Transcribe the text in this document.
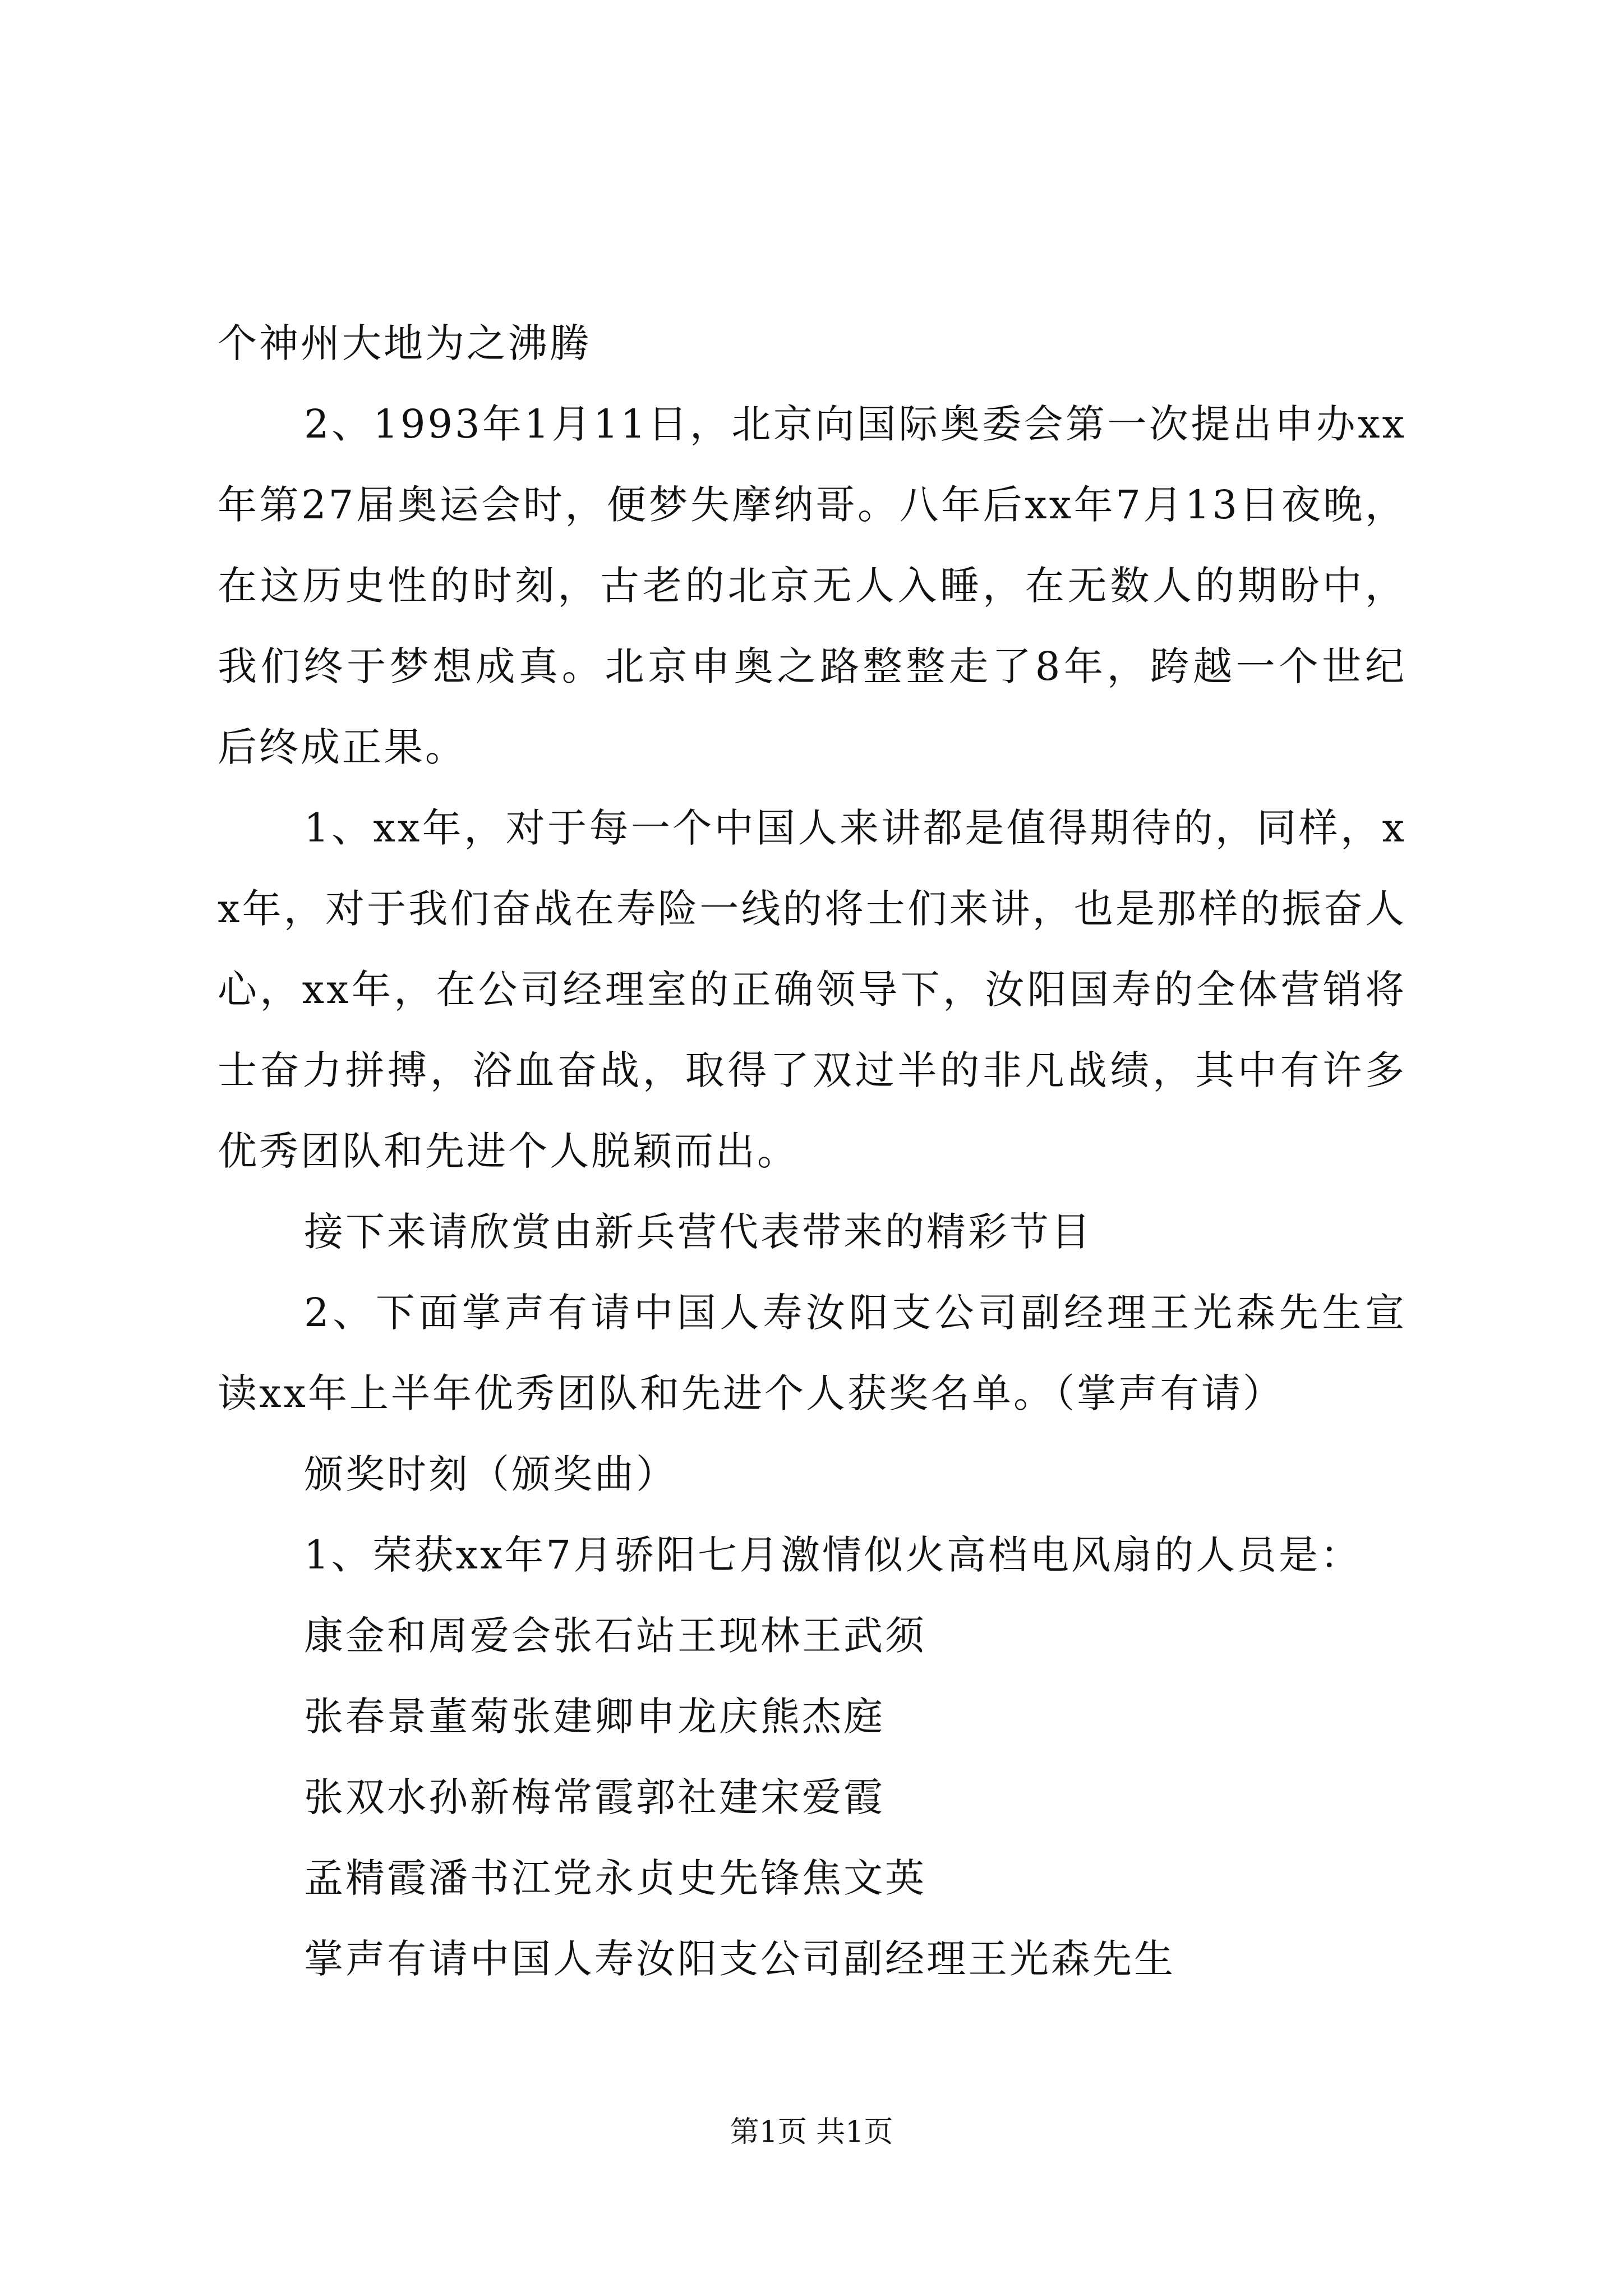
个神州大地为之沸腾

2、1993年1月11日，北京向国际奥委会第一次提出申办xx年第27届奥运会时，便梦失摩纳哥。八年后xx年7月13日夜晚，在这历史性的时刻，古老的北京无人入睡，在无数人的期盼中，我们终于梦想成真。北京申奥之路整整走了8年，跨越一个世纪后终成正果。

1、xx年，对于每一个中国人来讲都是值得期待的，同样，xx年，对于我们奋战在寿险一线的将士们来讲，也是那样的振奋人心，xx年，在公司经理室的正确领导下，汝阳国寿的全体营销将士奋力拼搏，浴血奋战，取得了双过半的非凡战绩，其中有许多优秀团队和先进个人脱颖而出。

接下来请欣赏由新兵营代表带来的精彩节目

2、下面掌声有请中国人寿汝阳支公司副经理王光森先生宣读xx年上半年优秀团队和先进个人获奖名单。（掌声有请）

颁奖时刻（颁奖曲）

1、荣获xx年7月骄阳七月激情似火高档电风扇的人员是：

康金和周爱会张石站王现林王武须

张春景董菊张建卿申龙庆熊杰庭

张双水孙新梅常霞郭社建宋爱霞

孟精霞潘书江党永贞史先锋焦文英

掌声有请中国人寿汝阳支公司副经理王光森先生

第1页 共1页
